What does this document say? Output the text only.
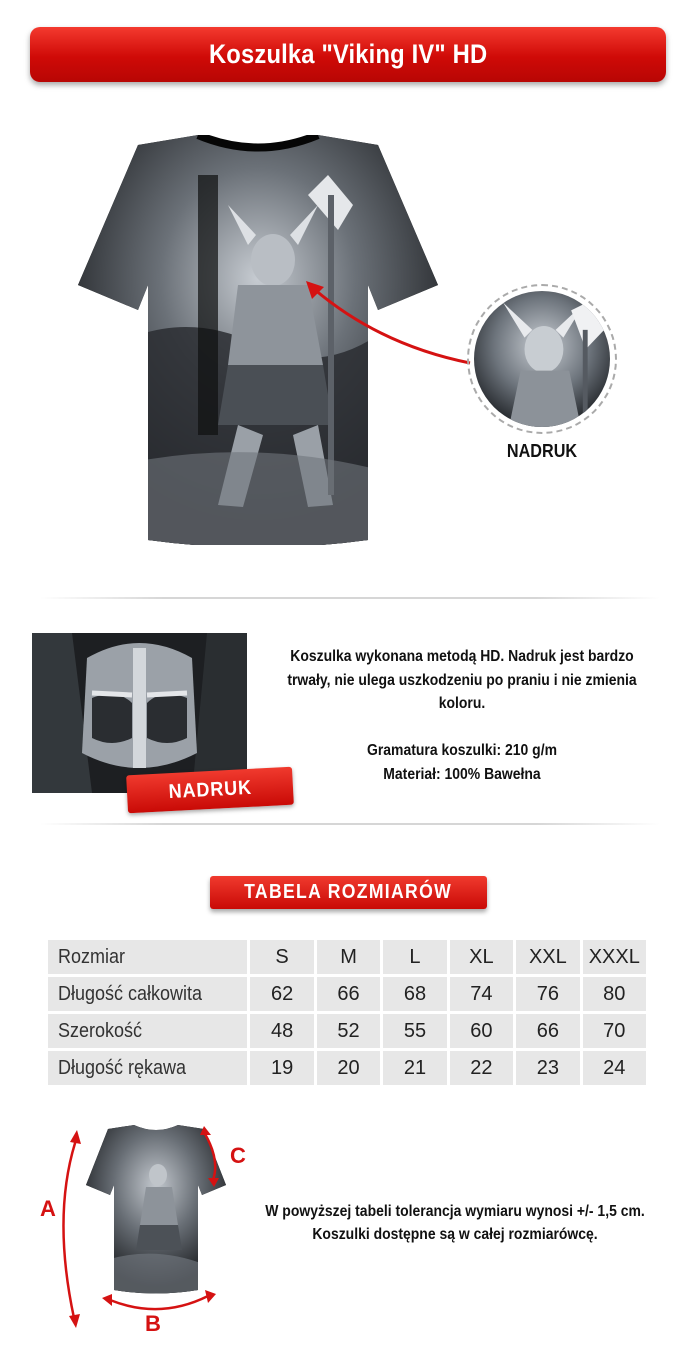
Koszulka "Viking IV" HD
NADRUK
NADRUK

Koszulka wykonana metodą HD. Nadruk jest bardzo

trwały, nie ulega uszkodzeniu po praniu i nie zmienia

koloru.

Gramatura koszulki: 210 g/m

Materiał: 100% Bawełna

TABELA ROZMIARÓW
Rozmiar	S	M	L	XL	XXL	XXXL
Długość całkowita	62	66	68	74	76	80
Szerokość	48	52	55	60	66	70
Długość rękawa	19	20	21	22	23	24
A
B
C

W powyższej tabeli tolerancja wymiaru wynosi +/- 1,5 cm.

Koszulki dostępne są w całej rozmiarówcę.
